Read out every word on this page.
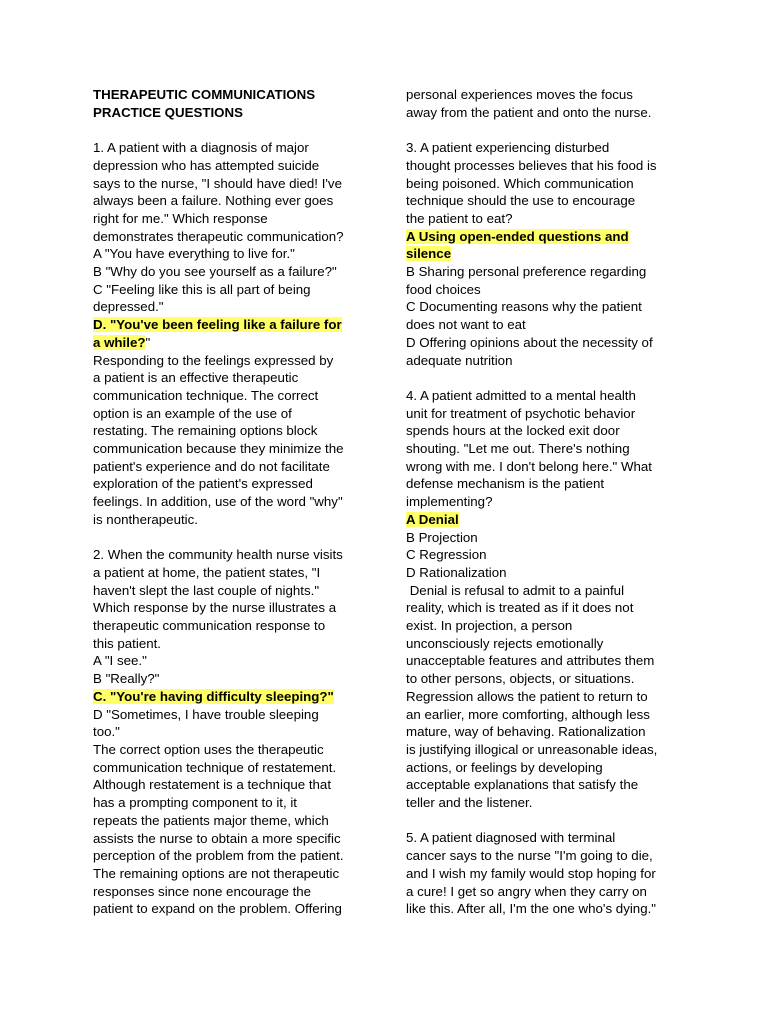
THERAPEUTIC COMMUNICATIONS
PRACTICE QUESTIONS
1. A patient with a diagnosis of major
depression who has attempted suicide
says to the nurse, "I should have died! I've
always been a failure. Nothing ever goes
right for me." Which response
demonstrates therapeutic communication?
A "You have everything to live for."
B "Why do you see yourself as a failure?"
C "Feeling like this is all part of being
depressed."
D. "You've been feeling like a failure for
a while?"
Responding to the feelings expressed by
a patient is an effective therapeutic
communication technique. The correct
option is an example of the use of
restating. The remaining options block
communication because they minimize the
patient's experience and do not facilitate
exploration of the patient's expressed
feelings. In addition, use of the word "why"
is nontherapeutic.
2. When the community health nurse visits
a patient at home, the patient states, "I
haven't slept the last couple of nights."
Which response by the nurse illustrates a
therapeutic communication response to
this patient.
A "I see."
B "Really?"
C. "You're having difficulty sleeping?"
D "Sometimes, I have trouble sleeping
too."
The correct option uses the therapeutic
communication technique of restatement.
Although restatement is a technique that
has a prompting component to it, it
repeats the patients major theme, which
assists the nurse to obtain a more specific
perception of the problem from the patient.
The remaining options are not therapeutic
responses since none encourage the
patient to expand on the problem. Offering
personal experiences moves the focus
away from the patient and onto the nurse.
3. A patient experiencing disturbed
thought processes believes that his food is
being poisoned. Which communication
technique should the use to encourage
the patient to eat?
A Using open-ended questions and
silence
B Sharing personal preference regarding
food choices
C Documenting reasons why the patient
does not want to eat
D Offering opinions about the necessity of
adequate nutrition
4. A patient admitted to a mental health
unit for treatment of psychotic behavior
spends hours at the locked exit door
shouting. "Let me out. There's nothing
wrong with me. I don't belong here." What
defense mechanism is the patient
implementing?
A Denial
B Projection
C Regression
D Rationalization
Denial is refusal to admit to a painful
reality, which is treated as if it does not
exist. In projection, a person
unconsciously rejects emotionally
unacceptable features and attributes them
to other persons, objects, or situations.
Regression allows the patient to return to
an earlier, more comforting, although less
mature, way of behaving. Rationalization
is justifying illogical or unreasonable ideas,
actions, or feelings by developing
acceptable explanations that satisfy the
teller and the listener.
5. A patient diagnosed with terminal
cancer says to the nurse "I'm going to die,
and I wish my family would stop hoping for
a cure! I get so angry when they carry on
like this. After all, I'm the one who's dying."
